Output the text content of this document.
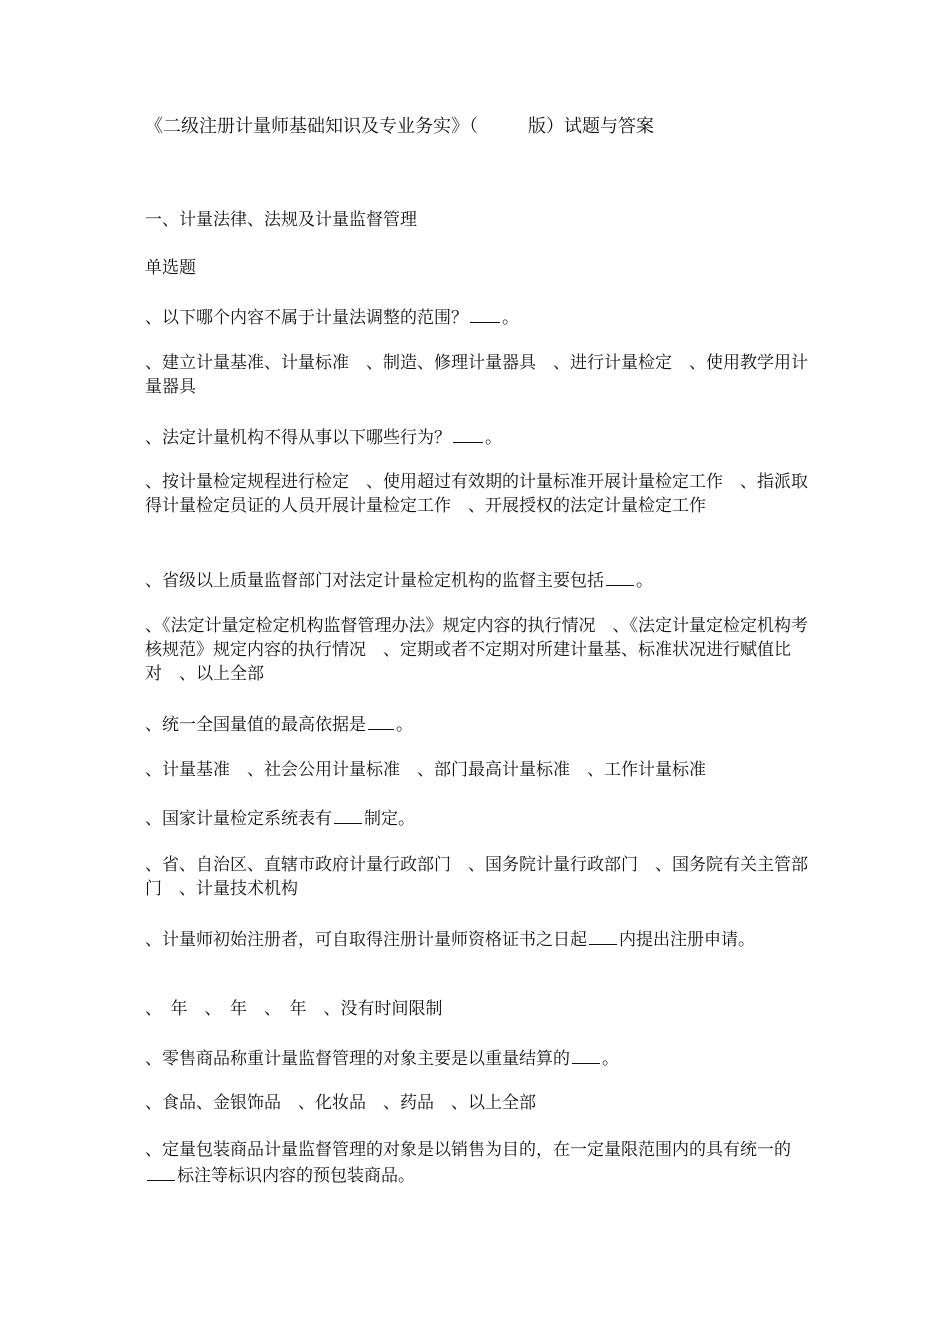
《二级注册计量师基础知识及专业务实》（	版）试题与答案

一、计量法律、法规及计量监督管理

单选题

、以下哪个内容不属于计量法调整的范围？ 。

、建立计量基准、计量标准　、制造、修理计量器具　、进行计量检定　、使用教学用计量器具

、法定计量机构不得从事以下哪些行为？ 。

、按计量检定规程进行检定　、使用超过有效期的计量标准开展计量检定工作　、指派取得计量检定员证的人员开展计量检定工作　、开展授权的法定计量检定工作

、省级以上质量监督部门对法定计量检定机构的监督主要包括 。

、《法定计量定检定机构监督管理办法》规定内容的执行情况　、《法定计量定检定机构考核规范》规定内容的执行情况　、定期或者不定期对所建计量基、标准状况进行赋值比对　、以上全部

、统一全国量值的最高依据是 。

、计量基准　、社会公用计量标准　、部门最高计量标准　、工作计量标准

、国家计量检定系统表有 制定。

、省、自治区、直辖市政府计量行政部门　、国务院计量行政部门　、国务院有关主管部门　、计量技术机构

、计量师初始注册者，可自取得注册计量师资格证书之日起 内提出注册申请。

、　年　、　年　、　年　、没有时间限制

、零售商品称重计量监督管理的对象主要是以重量结算的 。

、食品、金银饰品　、化妆品　、药品　、以上全部

、定量包装商品计量监督管理的对象是以销售为目的，在一定量限范围内的具有统一的标注等标识内容的预包装商品。
